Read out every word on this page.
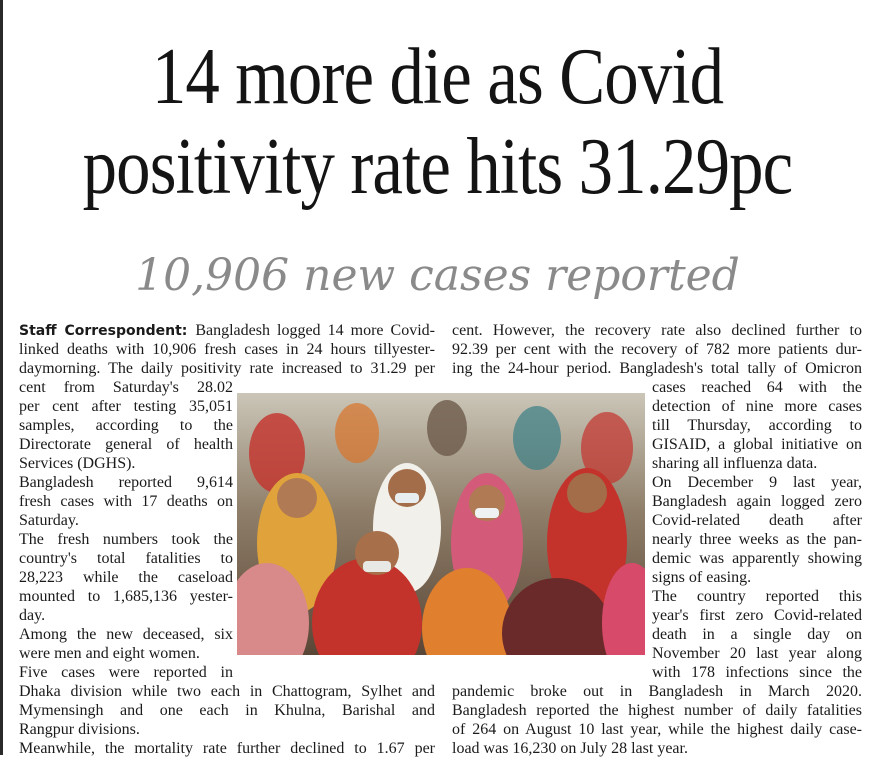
14 more die as Covid
positivity rate hits 31.29pc
10,906 new cases reported
Staff Correspondent: Bangladesh logged 14 more Covid-
linked deaths with 10,906 fresh cases in 24 hours tillyester-
daymorning. The daily positivity rate increased to 31.29 per
cent from Saturday's 28.02
per cent after testing 35,051
samples, according to the
Directorate general of health
Services (DGHS).
Bangladesh reported 9,614
fresh cases with 17 deaths on
Saturday.
The fresh numbers took the
country's total fatalities to
28,223 while the caseload
mounted to 1,685,136 yester-
day.
Among the new deceased, six
were men and eight women.
Five cases were reported in
Dhaka division while two each in Chattogram, Sylhet and
Mymensingh and one each in Khulna, Barishal and
Rangpur divisions.
Meanwhile, the mortality rate further declined to 1.67 per
cent. However, the recovery rate also declined further to
92.39 per cent with the recovery of 782 more patients dur-
ing the 24-hour period. Bangladesh's total tally of Omicron
cases reached 64 with the
detection of nine more cases
till Thursday, according to
GISAID, a global initiative on
sharing all influenza data.
On December 9 last year,
Bangladesh again logged zero
Covid-related death after
nearly three weeks as the pan-
demic was apparently showing
signs of easing.
The country reported this
year's first zero Covid-related
death in a single day on
November 20 last year along
with 178 infections since the
pandemic broke out in Bangladesh in March 2020.
Bangladesh reported the highest number of daily fatalities
of 264 on August 10 last year, while the highest daily case-
load was 16,230 on July 28 last year.
